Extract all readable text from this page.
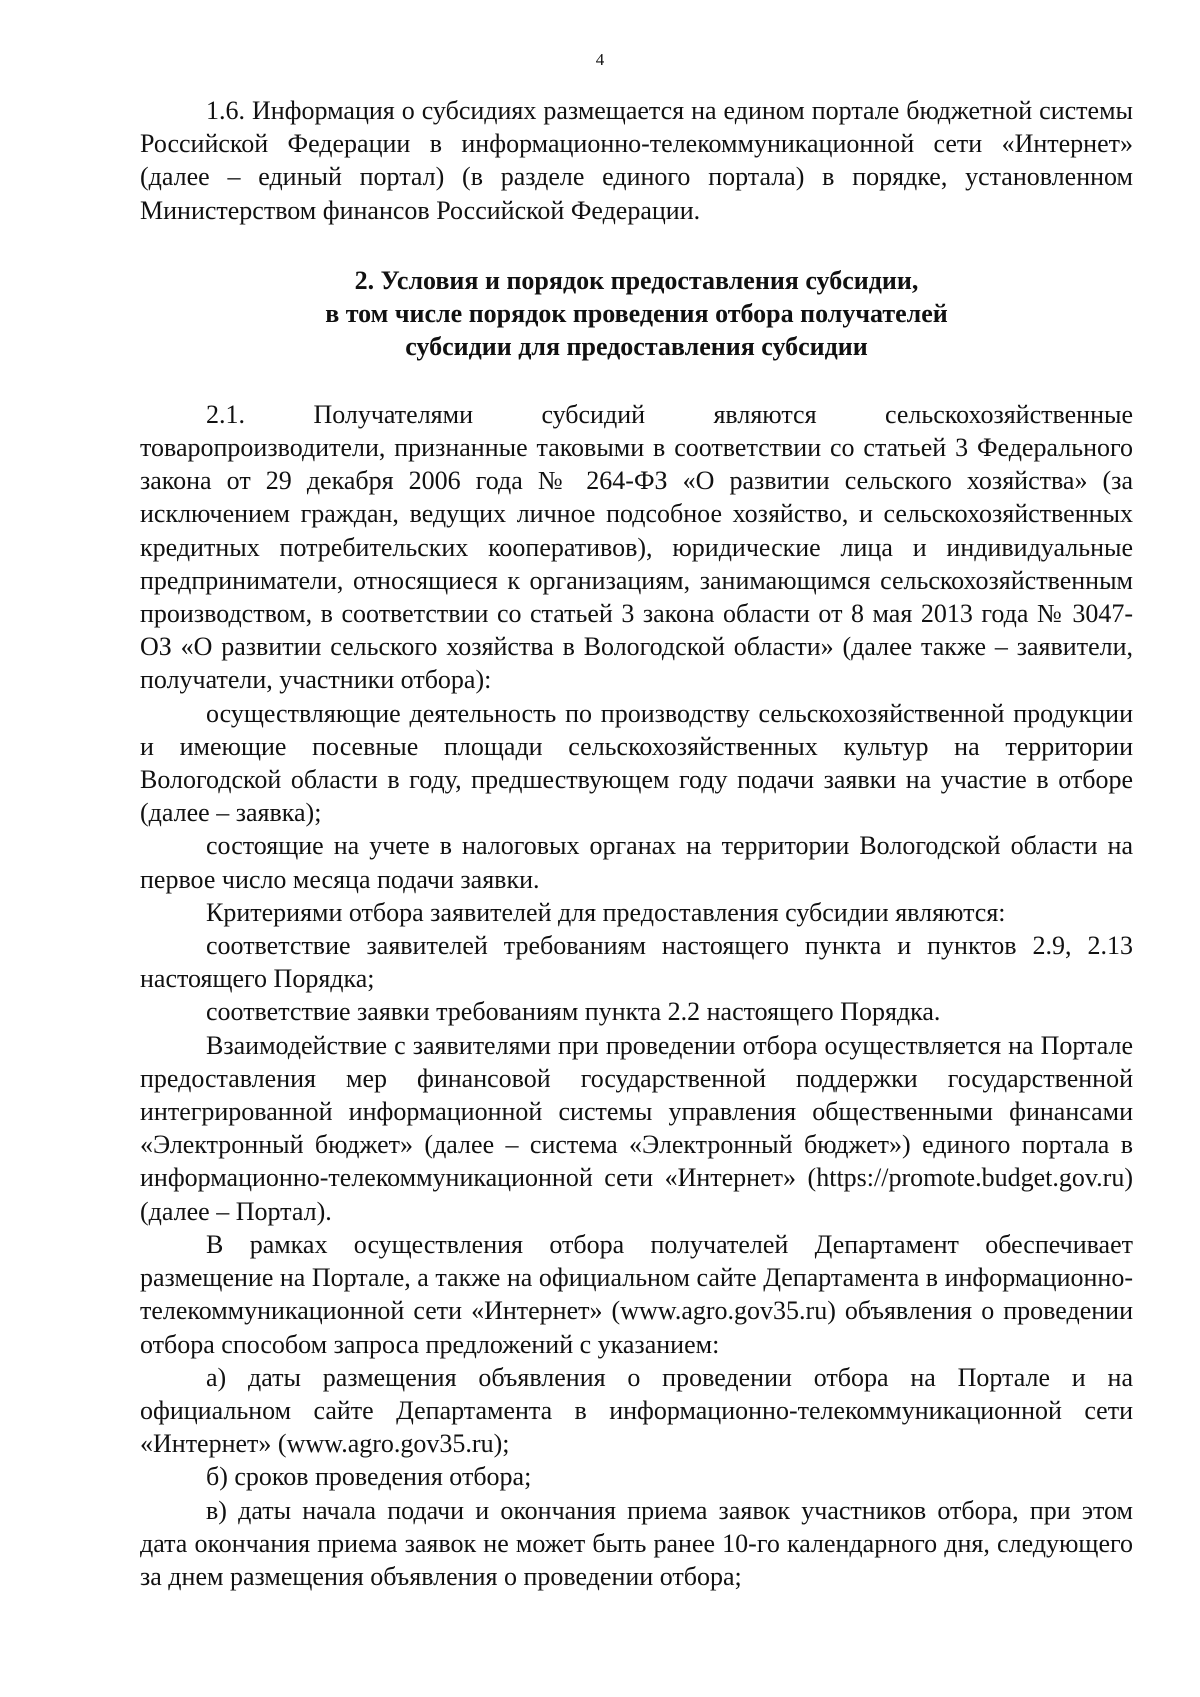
4

1.6. Информация о субсидиях размещается на едином портале бюджетной системы Российской Федерации в информационно-телекоммуникационной сети «Интернет» (далее – единый портал) (в разделе единого портала) в порядке, установленном Министерством финансов Российской Федерации.

2. Условия и порядок предоставления субсидии,
в том числе порядок проведения отбора получателей
субсидии для предоставления субсидии

2.1. Получателями субсидий являются сельскохозяйственные товаропроизводители, признанные таковыми в соответствии со статьей 3 Федерального закона от 29 декабря 2006 года № 264-ФЗ «О развитии сельского хозяйства» (за исключением граждан, ведущих личное подсобное хозяйство, и сельскохозяйственных кредитных потребительских кооперативов), юридические лица и индивидуальные предприниматели, относящиеся к организациям, занимающимся сельскохозяйственным производством, в соответствии со статьей 3 закона области от 8 мая 2013 года № 3047-ОЗ «О развитии сельского хозяйства в Вологодской области» (далее также – заявители, получатели, участники отбора):

осуществляющие деятельность по производству сельскохозяйственной продукции и имеющие посевные площади сельскохозяйственных культур на территории Вологодской области в году, предшествующем году подачи заявки на участие в отборе (далее – заявка);

состоящие на учете в налоговых органах на территории Вологодской области на первое число месяца подачи заявки.

Критериями отбора заявителей для предоставления субсидии являются:

соответствие заявителей требованиям настоящего пункта и пунктов 2.9, 2.13 настоящего Порядка;

соответствие заявки требованиям пункта 2.2 настоящего Порядка.

Взаимодействие с заявителями при проведении отбора осуществляется на Портале предоставления мер финансовой государственной поддержки государственной интегрированной информационной системы управления общественными финансами «Электронный бюджет» (далее – система «Электронный бюджет») единого портала в информационно-телекоммуникационной сети «Интернет» (https://promote.budget.gov.ru) (далее – Портал).

В рамках осуществления отбора получателей Департамент обеспечивает размещение на Портале, а также на официальном сайте Департамента в информационно-телекоммуникационной сети «Интернет» (www.agro.gov35.ru) объявления о проведении отбора способом запроса предложений с указанием:

а) даты размещения объявления о проведении отбора на Портале и на официальном сайте Департамента в информационно-телекоммуникационной сети «Интернет» (www.agro.gov35.ru);

б) сроков проведения отбора;

в) даты начала подачи и окончания приема заявок участников отбора, при этом дата окончания приема заявок не может быть ранее 10-го календарного дня, следующего за днем размещения объявления о проведении отбора;
